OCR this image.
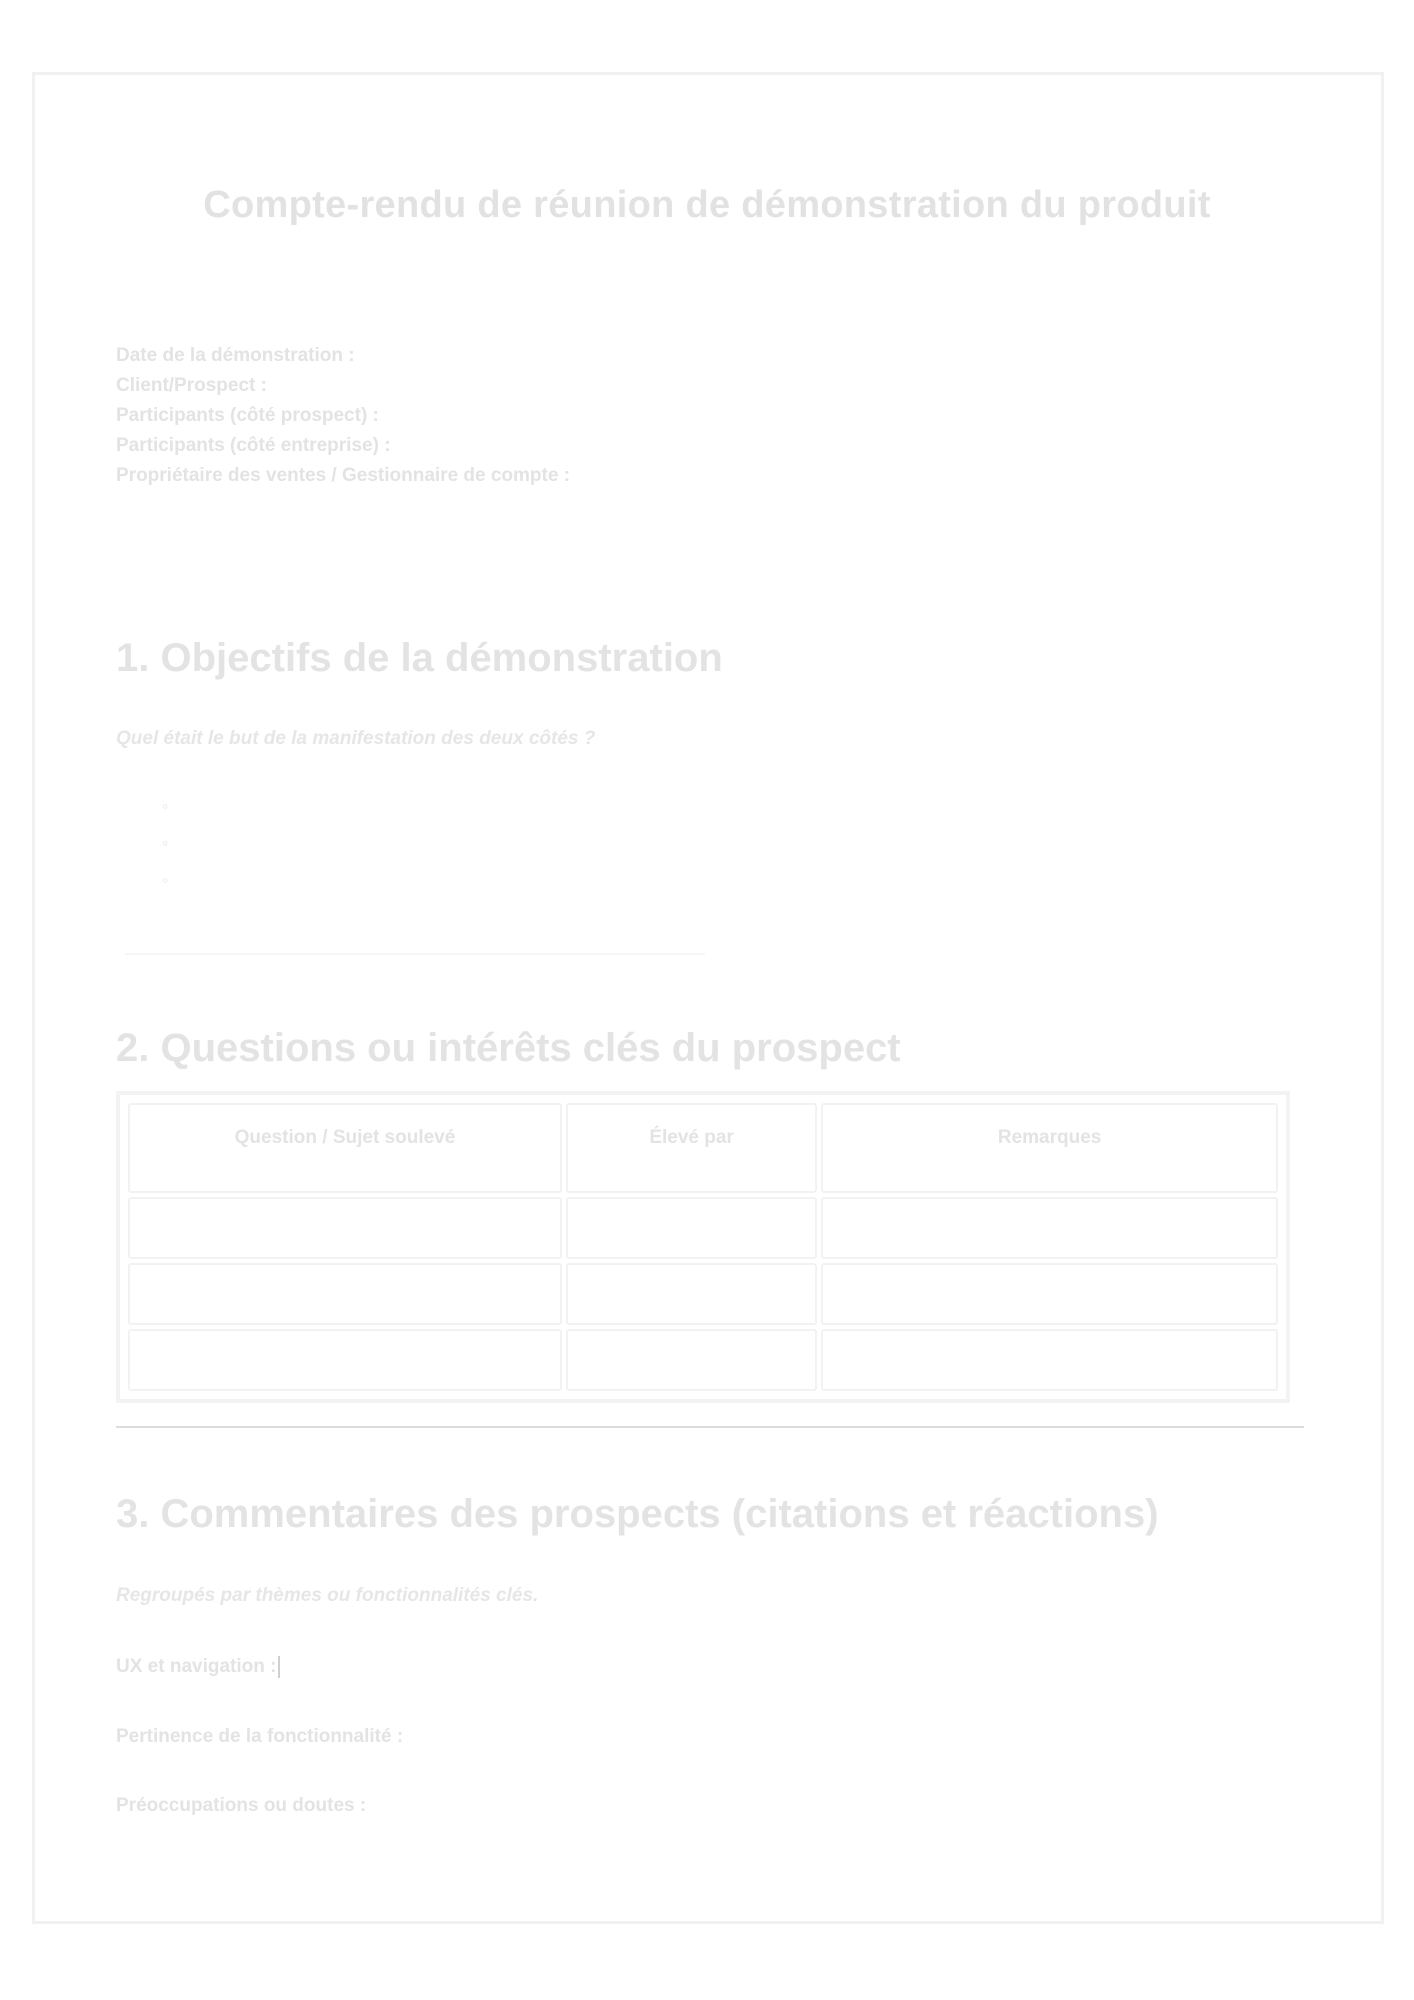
Compte-rendu de réunion de démonstration du produit
Date de la démonstration :
Client/Prospect :
Participants (côté prospect) :
Participants (côté entreprise) :
Propriétaire des ventes / Gestionnaire de compte :
1. Objectifs de la démonstration
Quel était le but de la manifestation des deux côtés ?
◦
◦
◦
2. Questions ou intérêts clés du prospect
Question / Sujet soulevé	Élevé par	Remarques

3. Commentaires des prospects (citations et réactions)
Regroupés par thèmes ou fonctionnalités clés.
UX et navigation :
Pertinence de la fonctionnalité :
Préoccupations ou doutes :
